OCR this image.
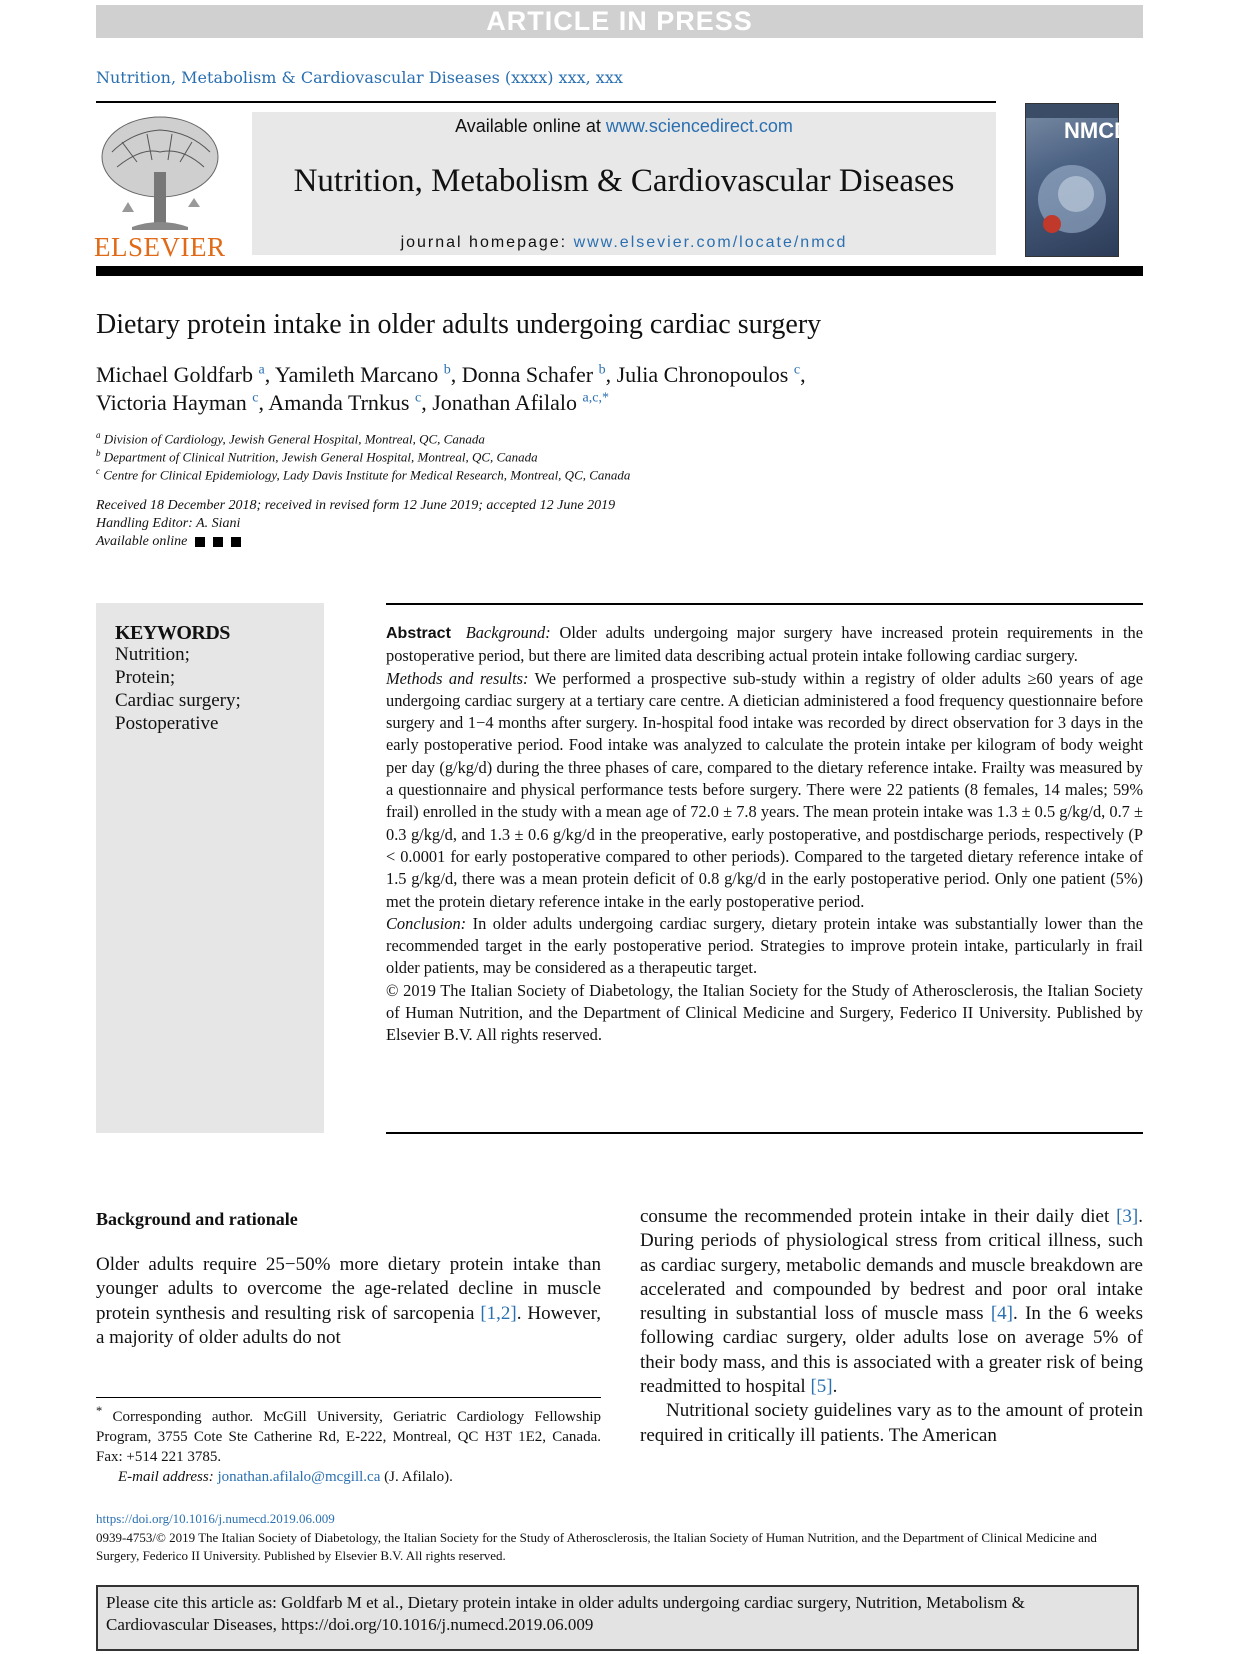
ARTICLE IN PRESS
Nutrition, Metabolism & Cardiovascular Diseases (xxxx) xxx, xxx
ELSEVIER
Available online at www.sciencedirect.com
Nutrition, Metabolism & Cardiovascular Diseases
journal homepage: www.elsevier.com/locate/nmcd
NMCD
Dietary protein intake in older adults undergoing cardiac surgery
Michael Goldfarb $^a$, Yamileth Marcano $^b$, Donna Schafer $^b$, Julia Chronopoulos $^c$,
Victoria Hayman $^c$, Amanda Trnkus $^c$, Jonathan Afilalo $^{a,c,*}$
$^a$ Division of Cardiology, Jewish General Hospital, Montreal, QC, Canada
$^b$ Department of Clinical Nutrition, Jewish General Hospital, Montreal, QC, Canada
$^c$ Centre for Clinical Epidemiology, Lady Davis Institute for Medical Research, Montreal, QC, Canada
Received 18 December 2018; received in revised form 12 June 2019; accepted 12 June 2019
Handling Editor: A. Siani
Available online
KEYWORDS
Nutrition;
Protein;
Cardiac surgery;
Postoperative

Abstract Background: Older adults undergoing major surgery have increased protein requirements in the postoperative period, but there are limited data describing actual protein intake following cardiac surgery.

Methods and results: We performed a prospective sub-study within a registry of older adults ≥60 years of age undergoing cardiac surgery at a tertiary care centre. A dietician administered a food frequency questionnaire before surgery and 1−4 months after surgery. In-hospital food intake was recorded by direct observation for 3 days in the early postoperative period. Food intake was analyzed to calculate the protein intake per kilogram of body weight per day (g/kg/d) during the three phases of care, compared to the dietary reference intake. Frailty was measured by a questionnaire and physical performance tests before surgery. There were 22 patients (8 females, 14 males; 59% frail) enrolled in the study with a mean age of 72.0 ± 7.8 years. The mean protein intake was 1.3 ± 0.5 g/kg/d, 0.7 ± 0.3 g/kg/d, and 1.3 ± 0.6 g/kg/d in the preoperative, early postoperative, and postdischarge periods, respectively (P < 0.0001 for early postoperative compared to other periods). Compared to the targeted dietary reference intake of 1.5 g/kg/d, there was a mean protein deficit of 0.8 g/kg/d in the early postoperative period. Only one patient (5%) met the protein dietary reference intake in the early postoperative period.

Conclusion: In older adults undergoing cardiac surgery, dietary protein intake was substantially lower than the recommended target in the early postoperative period. Strategies to improve protein intake, particularly in frail older patients, may be considered as a therapeutic target.

© 2019 The Italian Society of Diabetology, the Italian Society for the Study of Atherosclerosis, the Italian Society of Human Nutrition, and the Department of Clinical Medicine and Surgery, Federico II University. Published by Elsevier B.V. All rights reserved.

Background and rationale

Older adults require 25−50% more dietary protein intake than younger adults to overcome the age-related decline in muscle protein synthesis and resulting risk of sarcopenia [1,2]. However, a majority of older adults do not

consume the recommended protein intake in their daily diet [3]. During periods of physiological stress from critical illness, such as cardiac surgery, metabolic demands and muscle breakdown are accelerated and compounded by bedrest and poor oral intake resulting in substantial loss of muscle mass [4]. In the 6 weeks following cardiac surgery, older adults lose on average 5% of their body mass, and this is associated with a greater risk of being readmitted to hospital [5].

Nutritional society guidelines vary as to the amount of protein required in critically ill patients. The American

* Corresponding author. McGill University, Geriatric Cardiology Fellowship Program, 3755 Cote Ste Catherine Rd, E-222, Montreal, QC H3T 1E2, Canada. Fax: +514 221 3785.

E-mail address: jonathan.afilalo@mcgill.ca (J. Afilalo).

https://doi.org/10.1016/j.numecd.2019.06.009
0939-4753/© 2019 The Italian Society of Diabetology, the Italian Society for the Study of Atherosclerosis, the Italian Society of Human Nutrition, and the Department of Clinical Medicine and Surgery, Federico II University. Published by Elsevier B.V. All rights reserved.
Please cite this article as: Goldfarb M et al., Dietary protein intake in older adults undergoing cardiac surgery, Nutrition, Metabolism & Cardiovascular Diseases, https://doi.org/10.1016/j.numecd.2019.06.009
